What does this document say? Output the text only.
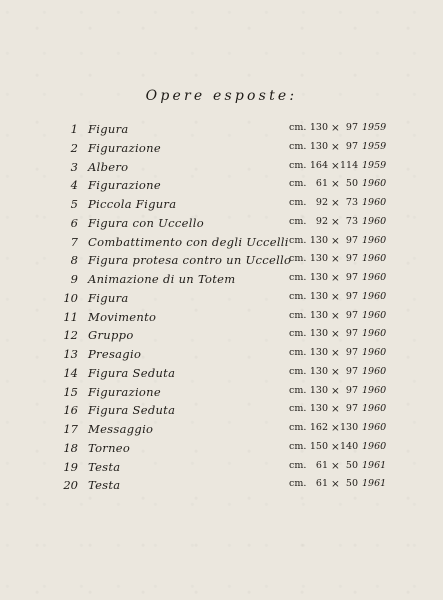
Opere esposte:
1 Figura	cm. 130 × 97 1959
2 Figurazione	cm. 130 × 97 1959
3 Albero	cm. 164 × 114 1959
4 Figurazione	cm.	61 × 50 1960
5 Piccola Figura	cm.	92 × 73 1960
6 Figura con Uccello	cm.	92 × 73 1960
7 Combattimento con degli Uccelli cm. 130 × 97 1960
8 Figura protesa contro un Uccello
cm. 130 × 97 1960
9 Animazione di un Totem	cm. 130 × 97 1960
10 Figura	cm. 130 × 97 1960
11 Movimento	cm. 130 × 97 1960
12 Gruppo	cm. 130 × 97 1960
13 Presagio	cm. 130 × 97 1960
14 Figura Seduta	cm. 130 × 97 1960
15 Figurazione	cm. 130 × 97 1960
16 Figura Seduta	cm. 130 × 97 1960
17 Messaggio	cm. 162 × 130 1960
18 Torneo	cm. 150 × 140 1960
19 Testa	cm.	61 × 50 1961
20 Testa	cm.	61 × 50 1961
